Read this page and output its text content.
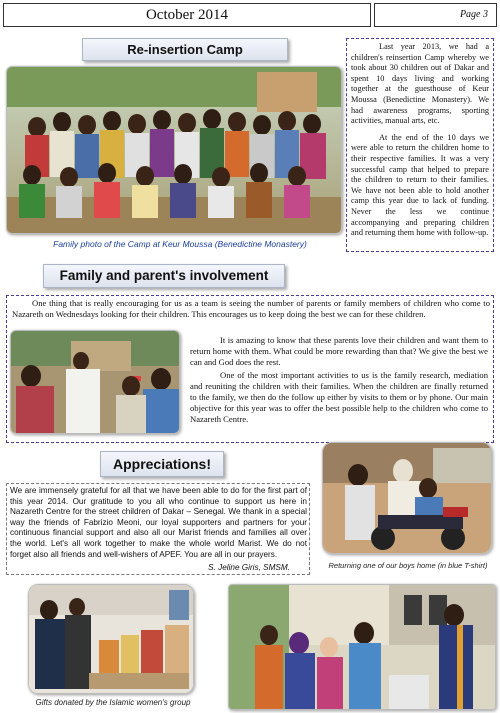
October 2014	Page 3
Re-insertion Camp
Family photo of the Camp at Keur Moussa (Benedictine Monastery)

Last year 2013, we had a children's reinsertion Camp whereby we took about 30 children out of Dakar and spent 10 days living and working together at the guesthouse of Keur Moussa (Benedictine Monastery). We had awareness programs, sporting activities, manual arts, etc.

At the end of the 10 days we were able to return the children home to their respective families. It was a very successful camp that helped to prepare the children to return to their families. We have not been able to hold another camp this year due to lack of funding. Never the less we continue accompanying and preparing children and returning them home with follow-up.

Family and parent's involvement

One thing that is really encouraging for us as a team is seeing the number of parents or family members of children who come to Nazareth on Wednesdays looking for their children. This encourages us to keep doing the best we can for these children.

It is amazing to know that these parents love their children and want them to return home with them. What could be more rewarding than that? We give the best we can and God does the rest.

One of the most important activities to us is the family research, mediation and reuniting the children with their families. When the children are finally returned to the family, we then do the follow up either by visits to them or by phone. Our main objective for this year was to offer the best possible help to the children who come to Nazareth Centre.

Appreciations!
We are immensely grateful for all that we have been able to do for the first part of this year 2014. Our gratitude to you all who continue to support us here in Nazareth Centre for the street children of Dakar – Senegal. We thank in a special way the friends of Fabrizio Meoni, our loyal supporters and partners for your continuous financial support and also all our Marist friends and families all over the world. Let's all work together to make the whole world Marist. We do not forget also all friends and well-wishers of APEF. You are all in our prayers.
S. Jeline Giris, SMSM.	Returning one of our boys home (in blue T-shirt)
Gifts donated by the Islamic women's group
